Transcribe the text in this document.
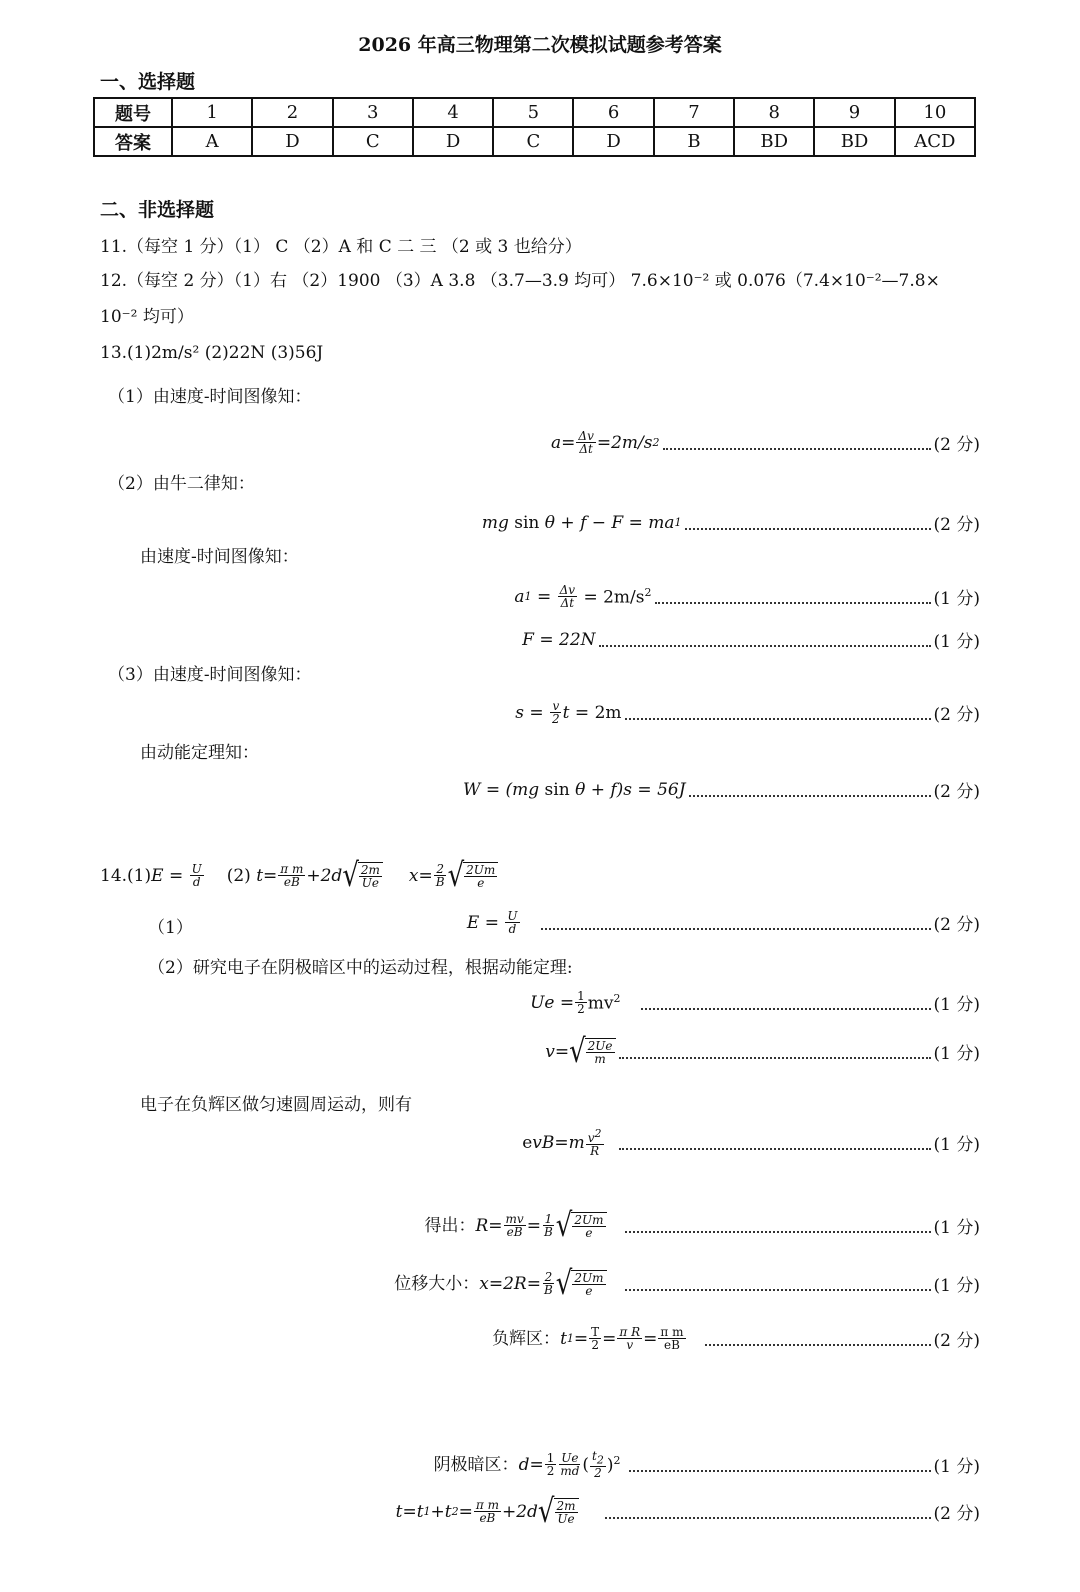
2026 年高三物理第二次模拟试题参考答案
一、选择题
题号	1	2	3	4	5	6	7	8	9	10
答案	A	D	C	D	C	D	B	BD	BD	ACD
二、非选择题
11.（每空 1 分）（1） C （2）A 和 C 二 三 （2 或 3 也给分）
12.（每空 2 分）（1）右 （2）1900 （3）A 3.8 （3.7—3.9 均可） 7.6×10⁻² 或 0.076（7.4×10⁻²—7.8×
10⁻² 均可）
13.(1)2m/s² (2)22N (3)56J
（1）由速度-时间图像知：
$a= \frac{\Delta v}{\Delta t} =2m/s$ 2	(2 分)
（2）由牛二律知：
mg sin θ + f − F = ma 1	(2 分)
由速度-时间图像知：
a $1 = \frac{\Delta v}{\Delta t}$
= $2m/s^2$	(1 分)
F = 22N	(1 分)
（3）由速度-时间图像知：
$s = \frac{v}{2}$ t = 2m	(2 分)
由动能定理知：
W = (mg sin θ + f)s = 56J	(2 分)
14.(1) $E = \frac{U}{d} (2)$ $t= \frac{\text{π m}}{eB} +2d$ √ $\frac{2m}{Ue} x= \frac{2}{B}$ √ $\frac{2Um}{e}$
（1）	$E = \frac{U}{d}$	(2 分)
（2）研究电子在阴极暗区中的运动过程，根据动能定理:
$Ue = \frac{1}{2} mv^2$	(1 分)
v= √ $\frac{2Ue}{m}$	(1 分)
电子在负辉区做匀速圆周运动，则有
e $vB=m \frac{v^2}{R}$	(1 分)
得出： $R= \frac{mv}{eB} = \frac{1}{B}$ √ $\frac{2Um}{e}$	(1 分)
位移大小： $x=2R= \frac{2}{B}$ √ $\frac{2Um}{e}$	(1 分)
负辉区： t $1 = \frac{T}{2} = \frac{\text{π R}}{v} = \frac{\text{π m}}{eB}$	(2 分)
阴极暗区： $d= \frac{1}{2} \frac{Ue}{md}$ ( $\frac{t_2}{2} )^2$	(1 分)
t=t 1 +t $2 = \frac{\text{π m}}{eB} +2d$ √ $\frac{2m}{Ue}$	(2 分)
